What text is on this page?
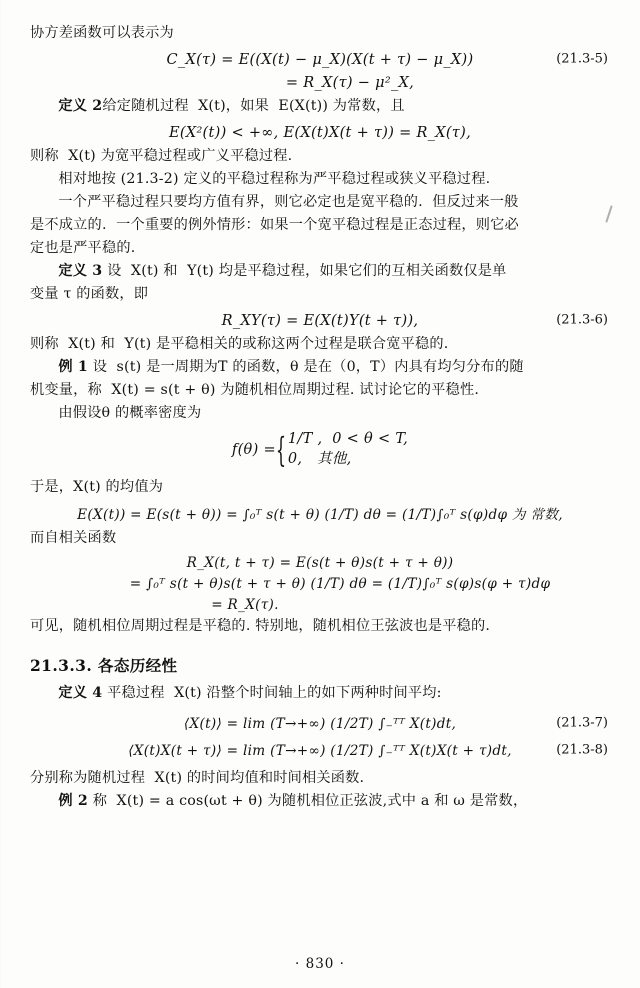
协方差函数可以表示为

C_X(τ) = E((X(t) − μ_X)(X(t + τ) − μ_X))	(21.3-5)
= R_X(τ) − μ²_X,

定义 2给定随机过程  X(t)，如果  E(X(t)) 为常数，且

E(X²(t)) < +∞, E(X(t)X(t + τ)) = R_X(τ),

则称  X(t) 为宽平稳过程或广义平稳过程.

相对地按 (21.3-2) 定义的平稳过程称为严平稳过程或狭义平稳过程.

一个严平稳过程只要均方值有界，则它必定也是宽平稳的.  但反过来一般

是不成立的.  一个重要的例外情形：如果一个宽平稳过程是正态过程，则它必

定也是严平稳的.

定义 3 设  X(t) 和  Y(t) 均是平稳过程，如果它们的互相关函数仅是单

变量 τ 的函数，即

R_XY(τ) = E(X(t)Y(t + τ)),	(21.3-6)

则称  X(t) 和  Y(t) 是平稳相关的或称这两个过程是联合宽平稳的.

例 1 设  s(t) 是一周期为T 的函数，θ 是在（0，T）内具有均匀分布的随

机变量，称  X(t) = s(t + θ) 为随机相位周期过程. 试讨论它的平稳性.

由假设θ 的概率密度为

f(θ) =
{ 1/T ,  0 < θ < T,
0,   其他,

于是，X(t) 的均值为

E(X(t)) = E(s(t + θ)) = ∫₀ᵀ s(t + θ) (1/T) dθ = (1/T)∫₀ᵀ s(φ)dφ 为 常数,

而自相关函数

R_X(t, t + τ) = E(s(t + θ)s(t + τ + θ))
= ∫₀ᵀ s(t + θ)s(t + τ + θ) (1/T) dθ = (1/T)∫₀ᵀ s(φ)s(φ + τ)dφ
= R_X(τ).

可见，随机相位周期过程是平稳的. 特别地，随机相位王弦波也是平稳的.

21.3.3. 各态历经性

定义 4 平稳过程  X(t) 沿整个时间轴上的如下两种时间平均:

⟨X(t)⟩ = lim (T→+∞) (1/2T) ∫₋ᵀᵀ X(t)dt,	(21.3-7)
⟨X(t)X(t + τ)⟩ = lim (T→+∞) (1/2T) ∫₋ᵀᵀ X(t)X(t + τ)dt,	(21.3-8)

分别称为随机过程  X(t) 的时间均值和时间相关函数.

例 2 称  X(t) = a cos(ωt + θ) 为随机相位正弦波,式中 a 和 ω 是常数，

· 830 ·
